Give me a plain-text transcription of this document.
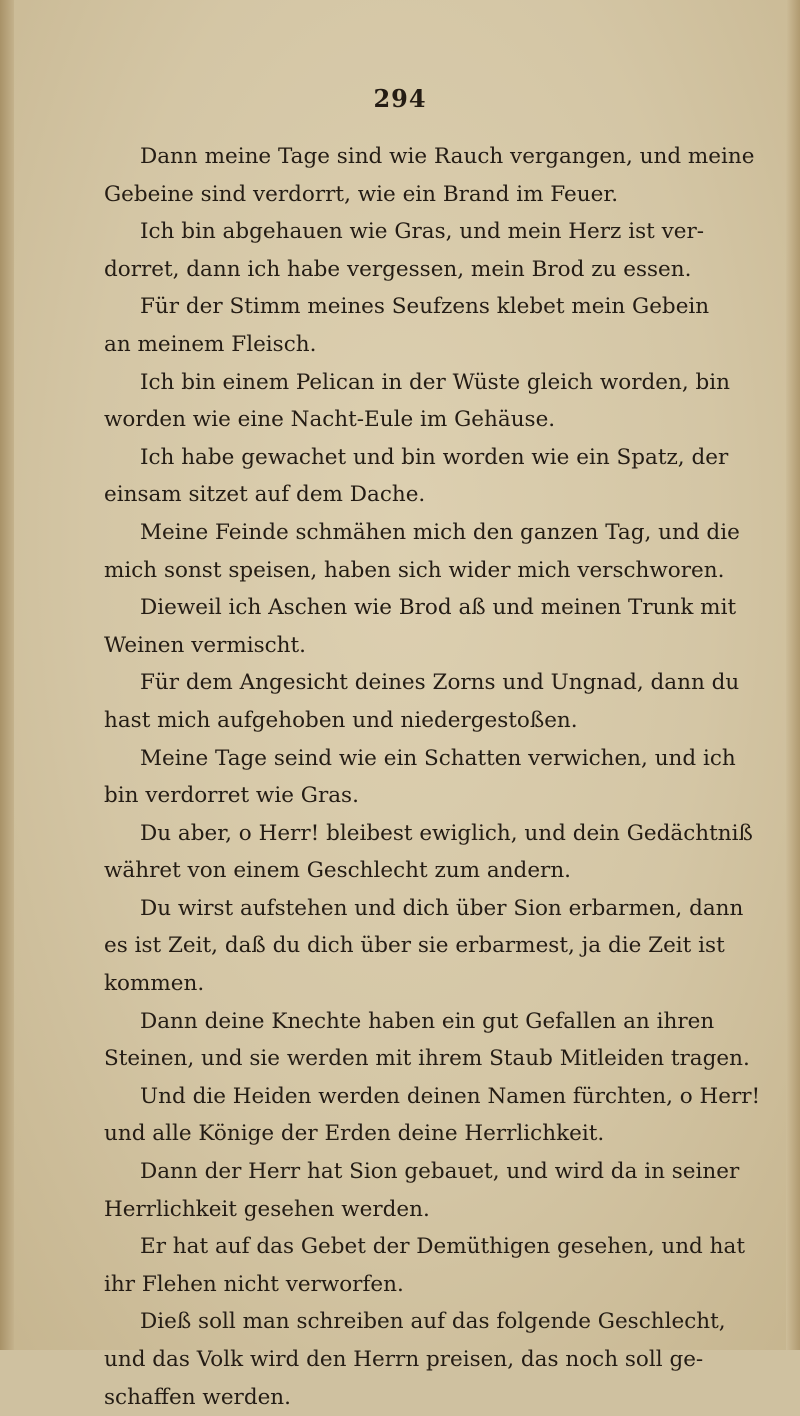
294
Dann meine Tage sind wie Rauch vergangen, und meine
Gebeine sind verdorrt, wie ein Brand im Feuer.
Ich bin abgehauen wie Gras, und mein Herz ist ver-
dorret, dann ich habe vergessen, mein Brod zu essen.
Für der Stimm meines Seufzens klebet mein Gebein
an meinem Fleisch.
Ich bin einem Pelican in der Wüste gleich worden, bin
worden wie eine Nacht-Eule im Gehäuse.
Ich habe gewachet und bin worden wie ein Spatz, der
einsam sitzet auf dem Dache.
Meine Feinde schmähen mich den ganzen Tag, und die
mich sonst speisen, haben sich wider mich verschworen.
Dieweil ich Aschen wie Brod aß und meinen Trunk mit
Weinen vermischt.
Für dem Angesicht deines Zorns und Ungnad, dann du
hast mich aufgehoben und niedergestoßen.
Meine Tage seind wie ein Schatten verwichen, und ich
bin verdorret wie Gras.
Du aber, o Herr! bleibest ewiglich, und dein Gedächtniß
währet von einem Geschlecht zum andern.
Du wirst aufstehen und dich über Sion erbarmen, dann
es ist Zeit, daß du dich über sie erbarmest, ja die Zeit ist
kommen.
Dann deine Knechte haben ein gut Gefallen an ihren
Steinen, und sie werden mit ihrem Staub Mitleiden tragen.
Und die Heiden werden deinen Namen fürchten, o Herr!
und alle Könige der Erden deine Herrlichkeit.
Dann der Herr hat Sion gebauet, und wird da in seiner
Herrlichkeit gesehen werden.
Er hat auf das Gebet der Demüthigen gesehen, und hat
ihr Flehen nicht verworfen.
Dieß soll man schreiben auf das folgende Geschlecht,
und das Volk wird den Herrn preisen, das noch soll ge-
schaffen werden.
